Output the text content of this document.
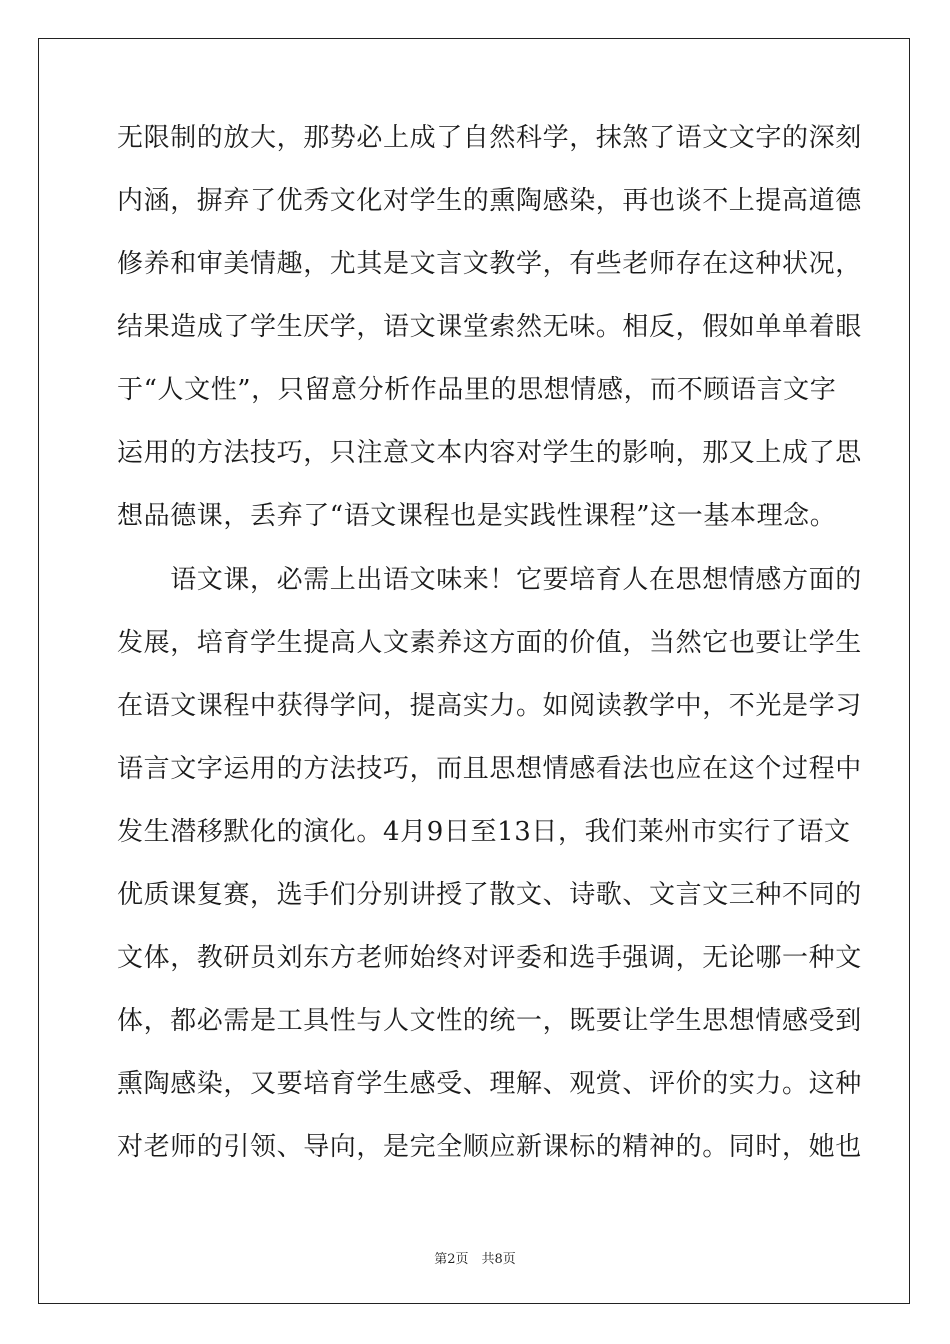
无限制的放大，那势必上成了自然科学，抹煞了语文文字的深刻
内涵，摒弃了优秀文化对学生的熏陶感染，再也谈不上提高道德
修养和审美情趣，尤其是文言文教学，有些老师存在这种状况，
结果造成了学生厌学，语文课堂索然无味。相反，假如单单着眼
于“人文性”，只留意分析作品里的思想情感，而不顾语言文字
运用的方法技巧，只注意文本内容对学生的影响，那又上成了思
想品德课，丢弃了“语文课程也是实践性课程”这一基本理念。
　　语文课，必需上出语文味来！它要培育人在思想情感方面的
发展，培育学生提高人文素养这方面的价值，当然它也要让学生
在语文课程中获得学问，提高实力。如阅读教学中，不光是学习
语言文字运用的方法技巧，而且思想情感看法也应在这个过程中
发生潜移默化的演化。4月9日至13日，我们莱州市实行了语文
优质课复赛，选手们分别讲授了散文、诗歌、文言文三种不同的
文体，教研员刘东方老师始终对评委和选手强调，无论哪一种文
体，都必需是工具性与人文性的统一，既要让学生思想情感受到
熏陶感染，又要培育学生感受、理解、观赏、评价的实力。这种
对老师的引领、导向，是完全顺应新课标的精神的。同时，她也
第2页　共8页
